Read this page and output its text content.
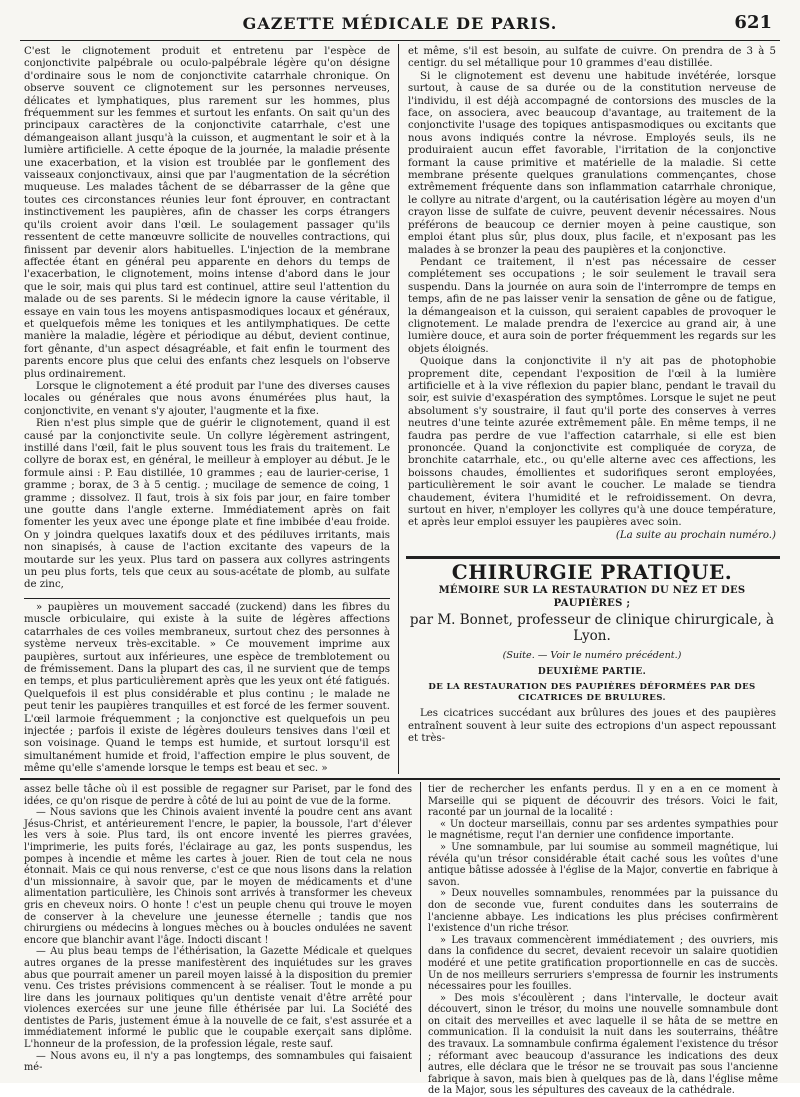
GAZETTE MÉDICALE DE PARIS.	621

C'est le clignotement produit et entretenu par l'espèce de conjonctivite palpébrale ou oculo-palpébrale légère qu'on désigne d'ordinaire sous le nom de conjonctivite catarrhale chronique. On observe souvent ce clignotement sur les personnes nerveuses, délicates et lymphatiques, plus rarement sur les hommes, plus fréquemment sur les femmes et surtout les enfants. On sait qu'un des principaux caractères de la conjonctivite catarrhale, c'est une démangeaison allant jusqu'à la cuisson, et augmentant le soir et à la lumière artificielle. A cette époque de la journée, la maladie présente une exacerbation, et la vision est troublée par le gonflement des vaisseaux conjonctivaux, ainsi que par l'augmentation de la sécrétion muqueuse. Les malades tâchent de se débarrasser de la gêne que toutes ces circonstances réunies leur font éprouver, en contractant instinctivement les paupières, afin de chasser les corps étrangers qu'ils croient avoir dans l'œil. Le soulagement passager qu'ils ressentent de cette manœuvre sollicite de nouvelles contractions, qui finissent par devenir alors habituelles. L'injection de la membrane affectée étant en général peu apparente en dehors du temps de l'exacerbation, le clignotement, moins intense d'abord dans le jour que le soir, mais qui plus tard est continuel, attire seul l'attention du malade ou de ses parents. Si le médecin ignore la cause véritable, il essaye en vain tous les moyens antispasmodiques locaux et généraux, et quelquefois même les toniques et les antilymphatiques. De cette manière la maladie, légère et périodique au début, devient continue, fort gênante, d'un aspect désagréable, et fait enfin le tourment des parents encore plus que celui des enfants chez lesquels on l'observe plus ordinairement.

Lorsque le clignotement a été produit par l'une des diverses causes locales ou générales que nous avons énumérées plus haut, la conjonctivite, en venant s'y ajouter, l'augmente et la fixe.

Rien n'est plus simple que de guérir le clignotement, quand il est causé par la conjonctivite seule. Un collyre légèrement astringent, instillé dans l'œil, fait le plus souvent tous les frais du traitement. Le collyre de borax est, en général, le meilleur à employer au début. Je le formule ainsi : P. Eau distillée, 10 grammes ; eau de laurier-cerise, 1 gramme ; borax, de 3 à 5 centig. ; mucilage de semence de coing, 1 gramme ; dissolvez. Il faut, trois à six fois par jour, en faire tomber une goutte dans l'angle externe. Immédiatement après on fait fomenter les yeux avec une éponge plate et fine imbibée d'eau froide. On y joindra quelques laxatifs doux et des pédiluves irritants, mais non sinapisés, à cause de l'action excitante des vapeurs de la moutarde sur les yeux. Plus tard on passera aux collyres astringents un peu plus forts, tels que ceux au sous-acétate de plomb, au sulfate de zinc,

» paupières un mouvement saccadé (zuckend) dans les fibres du muscle orbiculaire, qui existe à la suite de légères affections catarrhales de ces voiles membraneux, surtout chez des personnes à système nerveux très-excitable. » Ce mouvement imprime aux paupières, surtout aux inférieures, une espèce de tremblotement ou de frémissement. Dans la plupart des cas, il ne survient que de temps en temps, et plus particulièrement après que les yeux ont été fatigués. Quelquefois il est plus considérable et plus continu ; le malade ne peut tenir les paupières tranquilles et est forcé de les fermer souvent. L'œil larmoie fréquemment ; la conjonctive est quelquefois un peu injectée ; parfois il existe de légères douleurs tensives dans l'œil et son voisinage. Quand le temps est humide, et surtout lorsqu'il est simultanément humide et froid, l'affection empire le plus souvent, de même qu'elle s'amende lorsque le temps est beau et sec. »

et même, s'il est besoin, au sulfate de cuivre. On prendra de 3 à 5 centigr. du sel métallique pour 10 grammes d'eau distillée.

Si le clignotement est devenu une habitude invétérée, lorsque surtout, à cause de sa durée ou de la constitution nerveuse de l'individu, il est déjà accompagné de contorsions des muscles de la face, on associera, avec beaucoup d'avantage, au traitement de la conjonctivite l'usage des topiques antispasmodiques ou excitants que nous avons indiqués contre la névrose. Employés seuls, ils ne produiraient aucun effet favorable, l'irritation de la conjonctive formant la cause primitive et matérielle de la maladie. Si cette membrane présente quelques granulations commençantes, chose extrêmement fréquente dans son inflammation catarrhale chronique, le collyre au nitrate d'argent, ou la cautérisation légère au moyen d'un crayon lisse de sulfate de cuivre, peuvent devenir nécessaires. Nous préférons de beaucoup ce dernier moyen à peine caustique, son emploi étant plus sûr, plus doux, plus facile, et n'exposant pas les malades à se bronzer la peau des paupières et la conjonctive.

Pendant ce traitement, il n'est pas nécessaire de cesser complétement ses occupations ; le soir seulement le travail sera suspendu. Dans la journée on aura soin de l'interrompre de temps en temps, afin de ne pas laisser venir la sensation de gêne ou de fatigue, la démangeaison et la cuisson, qui seraient capables de provoquer le clignotement. Le malade prendra de l'exercice au grand air, à une lumière douce, et aura soin de porter fréquemment les regards sur les objets éloignés.

Quoique dans la conjonctivite il n'y ait pas de photophobie proprement dite, cependant l'exposition de l'œil à la lumière artificielle et à la vive réflexion du papier blanc, pendant le travail du soir, est suivie d'exaspération des symptômes. Lorsque le sujet ne peut absolument s'y soustraire, il faut qu'il porte des conserves à verres neutres d'une teinte azurée extrêmement pâle. En même temps, il ne faudra pas perdre de vue l'affection catarrhale, si elle est bien prononcée. Quand la conjonctivite est compliquée de coryza, de bronchite catarrhale, etc., ou qu'elle alterne avec ces affections, les boissons chaudes, émollientes et sudorifiques seront employées, particulièrement le soir avant le coucher. Le malade se tiendra chaudement, évitera l'humidité et le refroidissement. On devra, surtout en hiver, n'employer les collyres qu'à une douce température, et après leur emploi essuyer les paupières avec soin.

(La suite au prochain numéro.)

CHIRURGIE PRATIQUE.

MÉMOIRE SUR LA RESTAURATION DU NEZ ET DES PAUPIÈRES ;

par M. Bonnet, professeur de clinique chirurgicale, à Lyon.

(Suite. — Voir le numéro précédent.)

DEUXIÈME PARTIE.

DE LA RESTAURATION DES PAUPIÈRES DÉFORMÉES PAR DES CICATRICES DE BRULURES.

Les cicatrices succédant aux brûlures des joues et des paupières entraînent souvent à leur suite des ectropions d'un aspect repoussant et très-

assez belle tâche où il est possible de regagner sur Pariset, par le fond des idées, ce qu'on risque de perdre à côté de lui au point de vue de la forme.

— Nous savions que les Chinois avaient inventé la poudre cent ans avant Jésus-Christ, et antérieurement l'encre, le papier, la boussole, l'art d'élever les vers à soie. Plus tard, ils ont encore inventé les pierres gravées, l'imprimerie, les puits forés, l'éclairage au gaz, les ponts suspendus, les pompes à incendie et même les cartes à jouer. Rien de tout cela ne nous étonnait. Mais ce qui nous renverse, c'est ce que nous lisons dans la relation d'un missionnaire, à savoir que, par le moyen de médicaments et d'une alimentation particulière, les Chinois sont arrivés à transformer les cheveux gris en cheveux noirs. O honte ! c'est un peuple chenu qui trouve le moyen de conserver à la chevelure une jeunesse éternelle ; tandis que nos chirurgiens ou médecins à longues mèches ou à boucles ondulées ne savent encore que blanchir avant l'âge. Indocti discant !

— Au plus beau temps de l'éthérisation, la Gazette Médicale et quelques autres organes de la presse manifestèrent des inquiétudes sur les graves abus que pourrait amener un pareil moyen laissé à la disposition du premier venu. Ces tristes prévisions commencent à se réaliser. Tout le monde a pu lire dans les journaux politiques qu'un dentiste venait d'être arrêté pour violences exercées sur une jeune fille éthérisée par lui. La Société des dentistes de Paris, justement émue à la nouvelle de ce fait, s'est assurée et a immédiatement informé le public que le coupable exerçait sans diplôme. L'honneur de la profession, de la profession légale, reste sauf.

— Nous avons eu, il n'y a pas longtemps, des somnambules qui faisaient mé-

tier de rechercher les enfants perdus. Il y en a en ce moment à Marseille qui se piquent de découvrir des trésors. Voici le fait, raconté par un journal de la localité :

« Un docteur marseillais, connu par ses ardentes sympathies pour le magnétisme, reçut l'an dernier une confidence importante.

» Une somnambule, par lui soumise au sommeil magnétique, lui révéla qu'un trésor considérable était caché sous les voûtes d'une antique bâtisse adossée à l'église de la Major, convertie en fabrique à savon.

» Deux nouvelles somnambules, renommées par la puissance du don de seconde vue, furent conduites dans les souterrains de l'ancienne abbaye. Les indications les plus précises confirmèrent l'existence d'un riche trésor.

» Les travaux commencèrent immédiatement ; des ouvriers, mis dans la confidence du secret, devaient recevoir un salaire quotidien modéré et une petite gratification proportionnelle en cas de succès. Un de nos meilleurs serruriers s'empressa de fournir les instruments nécessaires pour les fouilles.

» Des mois s'écoulèrent ; dans l'intervalle, le docteur avait découvert, sinon le trésor, du moins une nouvelle somnambule dont on citait des merveilles et avec laquelle il se hâta de se mettre en communication. Il la conduisit la nuit dans les souterrains, théâtre des travaux. La somnambule confirma également l'existence du trésor ; réformant avec beaucoup d'assurance les indications des deux autres, elle déclara que le trésor ne se trouvait pas sous l'ancienne fabrique à savon, mais bien à quelques pas de là, dans l'église même de la Major, sous les sépultures des caveaux de la cathédrale.
